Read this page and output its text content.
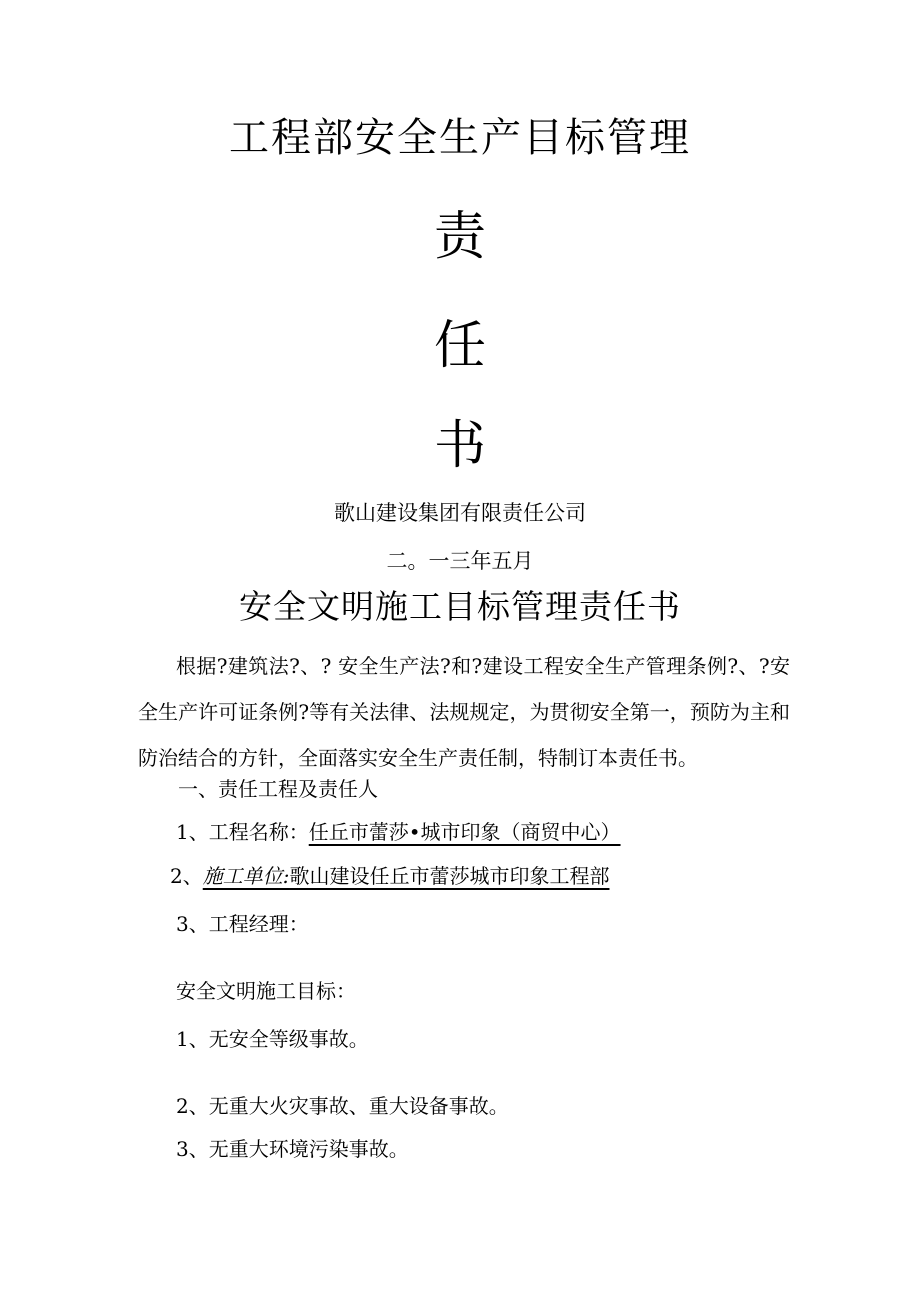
工程部安全生产目标管理
责
任
书
歌山建设集团有限责任公司
二。一三年五月
安全文明施工目标管理责任书

根据?建筑法?、? 安全生产法?和?建设工程安全生产管理条例?、?安全生产许可证条例?等有关法律、法规规定，为贯彻安全第一，预防为主和防治结合的方针，全面落实安全生产责任制，特制订本责任书。

一、责任工程及责任人
1、工程名称：任丘市蕾莎•城市印象（商贸中心）
2、施工单位:歌山建设任丘市蕾莎城市印象工程部
3、工程经理：
安全文明施工目标：
1、无安全等级事故。
2、无重大火灾事故、重大设备事故。
3、无重大环境污染事故。
